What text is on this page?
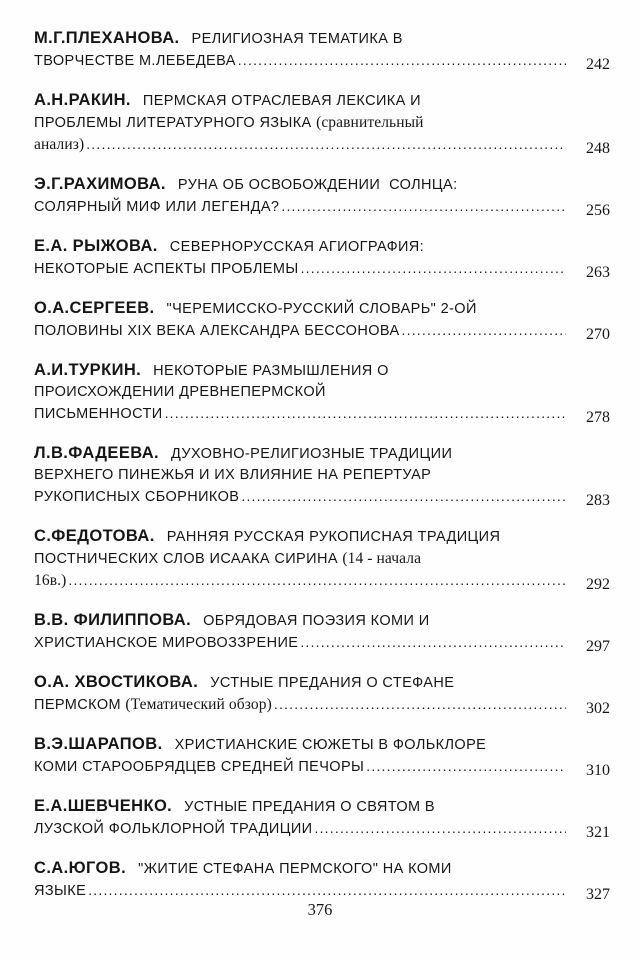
М.Г.ПЛЕХАНОВА. РЕЛИГИОЗНАЯ ТЕМАТИКА В
ТВОРЧЕСТВЕ М.ЛЕБЕДЕВА .....	242
А.Н.РАКИН. ПЕРМСКАЯ ОТРАСЛЕВАЯ ЛЕКСИКА И
ПРОБЛЕМЫ ЛИТЕРАТУРНОГО ЯЗЫКА (сравнительный
анализ) .....	248
Э.Г.РАХИМОВА. РУНА ОБ ОСВОБОЖДЕНИИ  СОЛНЦА:
СОЛЯРНЫЙ МИФ ИЛИ ЛЕГЕНДА? .....	256
Е.А. РЫЖОВА. СЕВЕРНОРУССКАЯ АГИОГРАФИЯ:
НЕКОТОРЫЕ АСПЕКТЫ ПРОБЛЕМЫ .....	263
О.А.СЕРГЕЕВ. "ЧЕРЕМИССКО-РУССКИЙ СЛОВАРЬ" 2-ОЙ
ПОЛОВИНЫ XIX ВЕКА АЛЕКСАНДРА БЕССОНОВА .....	270
А.И.ТУРКИН. НЕКОТОРЫЕ РАЗМЫШЛЕНИЯ О
ПРОИСХОЖДЕНИИ ДРЕВНЕПЕРМСКОЙ
ПИСЬМЕННОСТИ .....	278
Л.В.ФАДЕЕВА. ДУХОВНО-РЕЛИГИОЗНЫЕ ТРАДИЦИИ
ВЕРХНЕГО ПИНЕЖЬЯ И ИХ ВЛИЯНИЕ НА РЕПЕРТУАР
РУКОПИСНЫХ СБОРНИКОВ .....	283
С.ФЕДОТОВА. РАННЯЯ РУССКАЯ РУКОПИСНАЯ ТРАДИЦИЯ
ПОСТНИЧЕСКИХ СЛОВ ИСААКА СИРИНА (14 - начала
16в.) .....	292
В.В. ФИЛИППОВА. ОБРЯДОВАЯ ПОЭЗИЯ КОМИ И
ХРИСТИАНСКОЕ МИРОВОЗЗРЕНИЕ .....	297
О.А. ХВОСТИКОВА. УСТНЫЕ ПРЕДАНИЯ О СТЕФАНЕ
ПЕРМСКОМ (Тематический обзор) .....	302
В.Э.ШАРАПОВ. ХРИСТИАНСКИЕ СЮЖЕТЫ В ФОЛЬКЛОРЕ
КОМИ СТАРООБРЯДЦЕВ СРЕДНЕЙ ПЕЧОРЫ .....	310
Е.А.ШЕВЧЕНКО. УСТНЫЕ ПРЕДАНИЯ О СВЯТОМ В
ЛУЗСКОЙ ФОЛЬКЛОРНОЙ ТРАДИЦИИ .....	321
С.А.ЮГОВ. "ЖИТИЕ СТЕФАНА ПЕРМСКОГО" НА КОМИ
ЯЗЫКЕ .....	327
376
